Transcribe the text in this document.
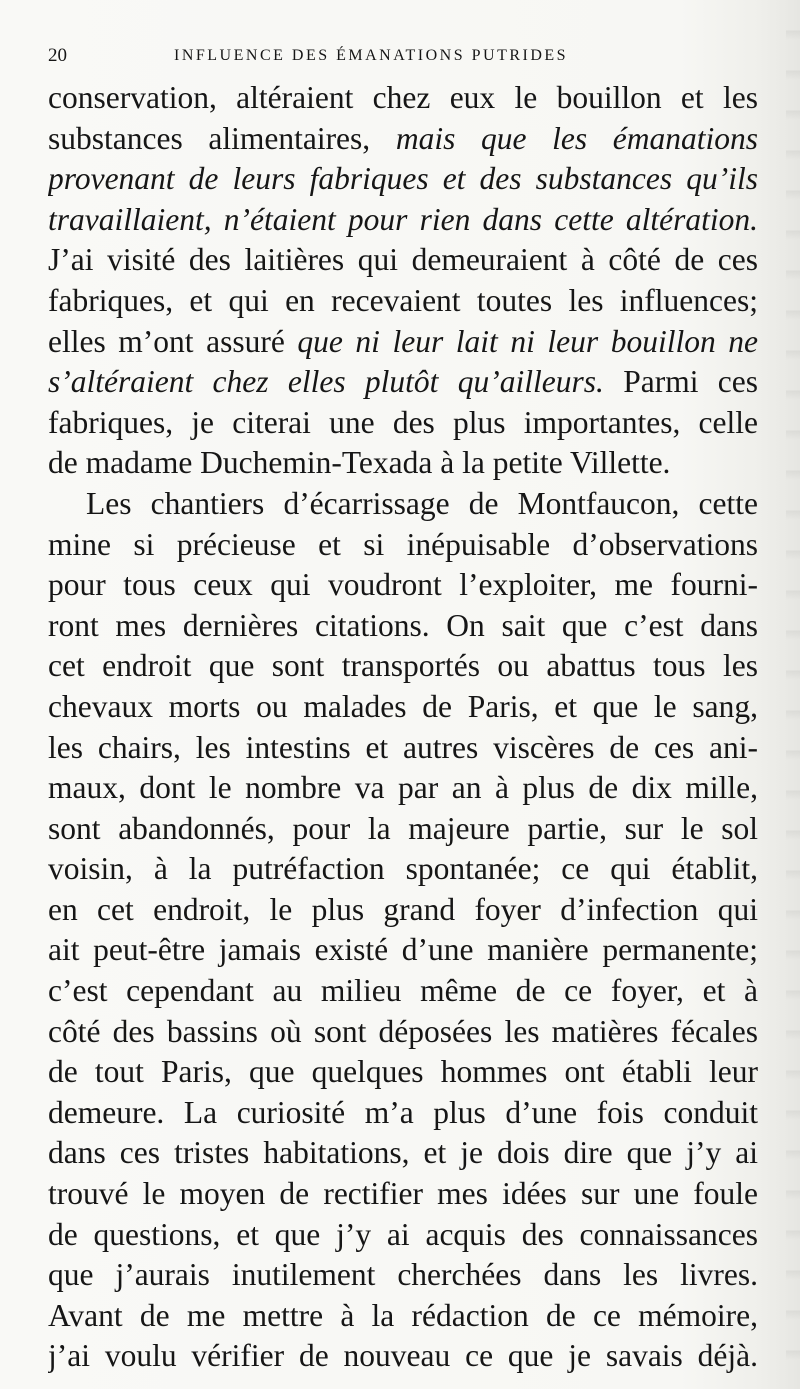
20	INFLUENCE DES ÉMANATIONS PUTRIDES
conservation, altéraient chez eux le bouillon et les
substances alimentaires, mais que les émanations
provenant de leurs fabriques et des substances qu’ils
travaillaient, n’étaient pour rien dans cette altération.
J’ai visité des laitières qui demeuraient à côté de ces
fabriques, et qui en recevaient toutes les influences;
elles m’ont assuré que ni leur lait ni leur bouillon ne
s’altéraient chez elles plutôt qu’ailleurs. Parmi ces
fabriques, je citerai une des plus importantes, celle
de madame Duchemin-Texada à la petite Villette.
Les chantiers d’écarrissage de Montfaucon, cette
mine si précieuse et si inépuisable d’observations
pour tous ceux qui voudront l’exploiter, me fourni-
ront mes dernières citations. On sait que c’est dans
cet endroit que sont transportés ou abattus tous les
chevaux morts ou malades de Paris, et que le sang,
les chairs, les intestins et autres viscères de ces ani-
maux, dont le nombre va par an à plus de dix mille,
sont abandonnés, pour la majeure partie, sur le sol
voisin, à la putréfaction spontanée; ce qui établit,
en cet endroit, le plus grand foyer d’infection qui
ait peut-être jamais existé d’une manière permanente;
c’est cependant au milieu même de ce foyer, et à
côté des bassins où sont déposées les matières fécales
de tout Paris, que quelques hommes ont établi leur
demeure. La curiosité m’a plus d’une fois conduit
dans ces tristes habitations, et je dois dire que j’y ai
trouvé le moyen de rectifier mes idées sur une foule
de questions, et que j’y ai acquis des connaissances
que j’aurais inutilement cherchées dans les livres.
Avant de me mettre à la rédaction de ce mémoire,
j’ai voulu vérifier de nouveau ce que je savais déjà.
